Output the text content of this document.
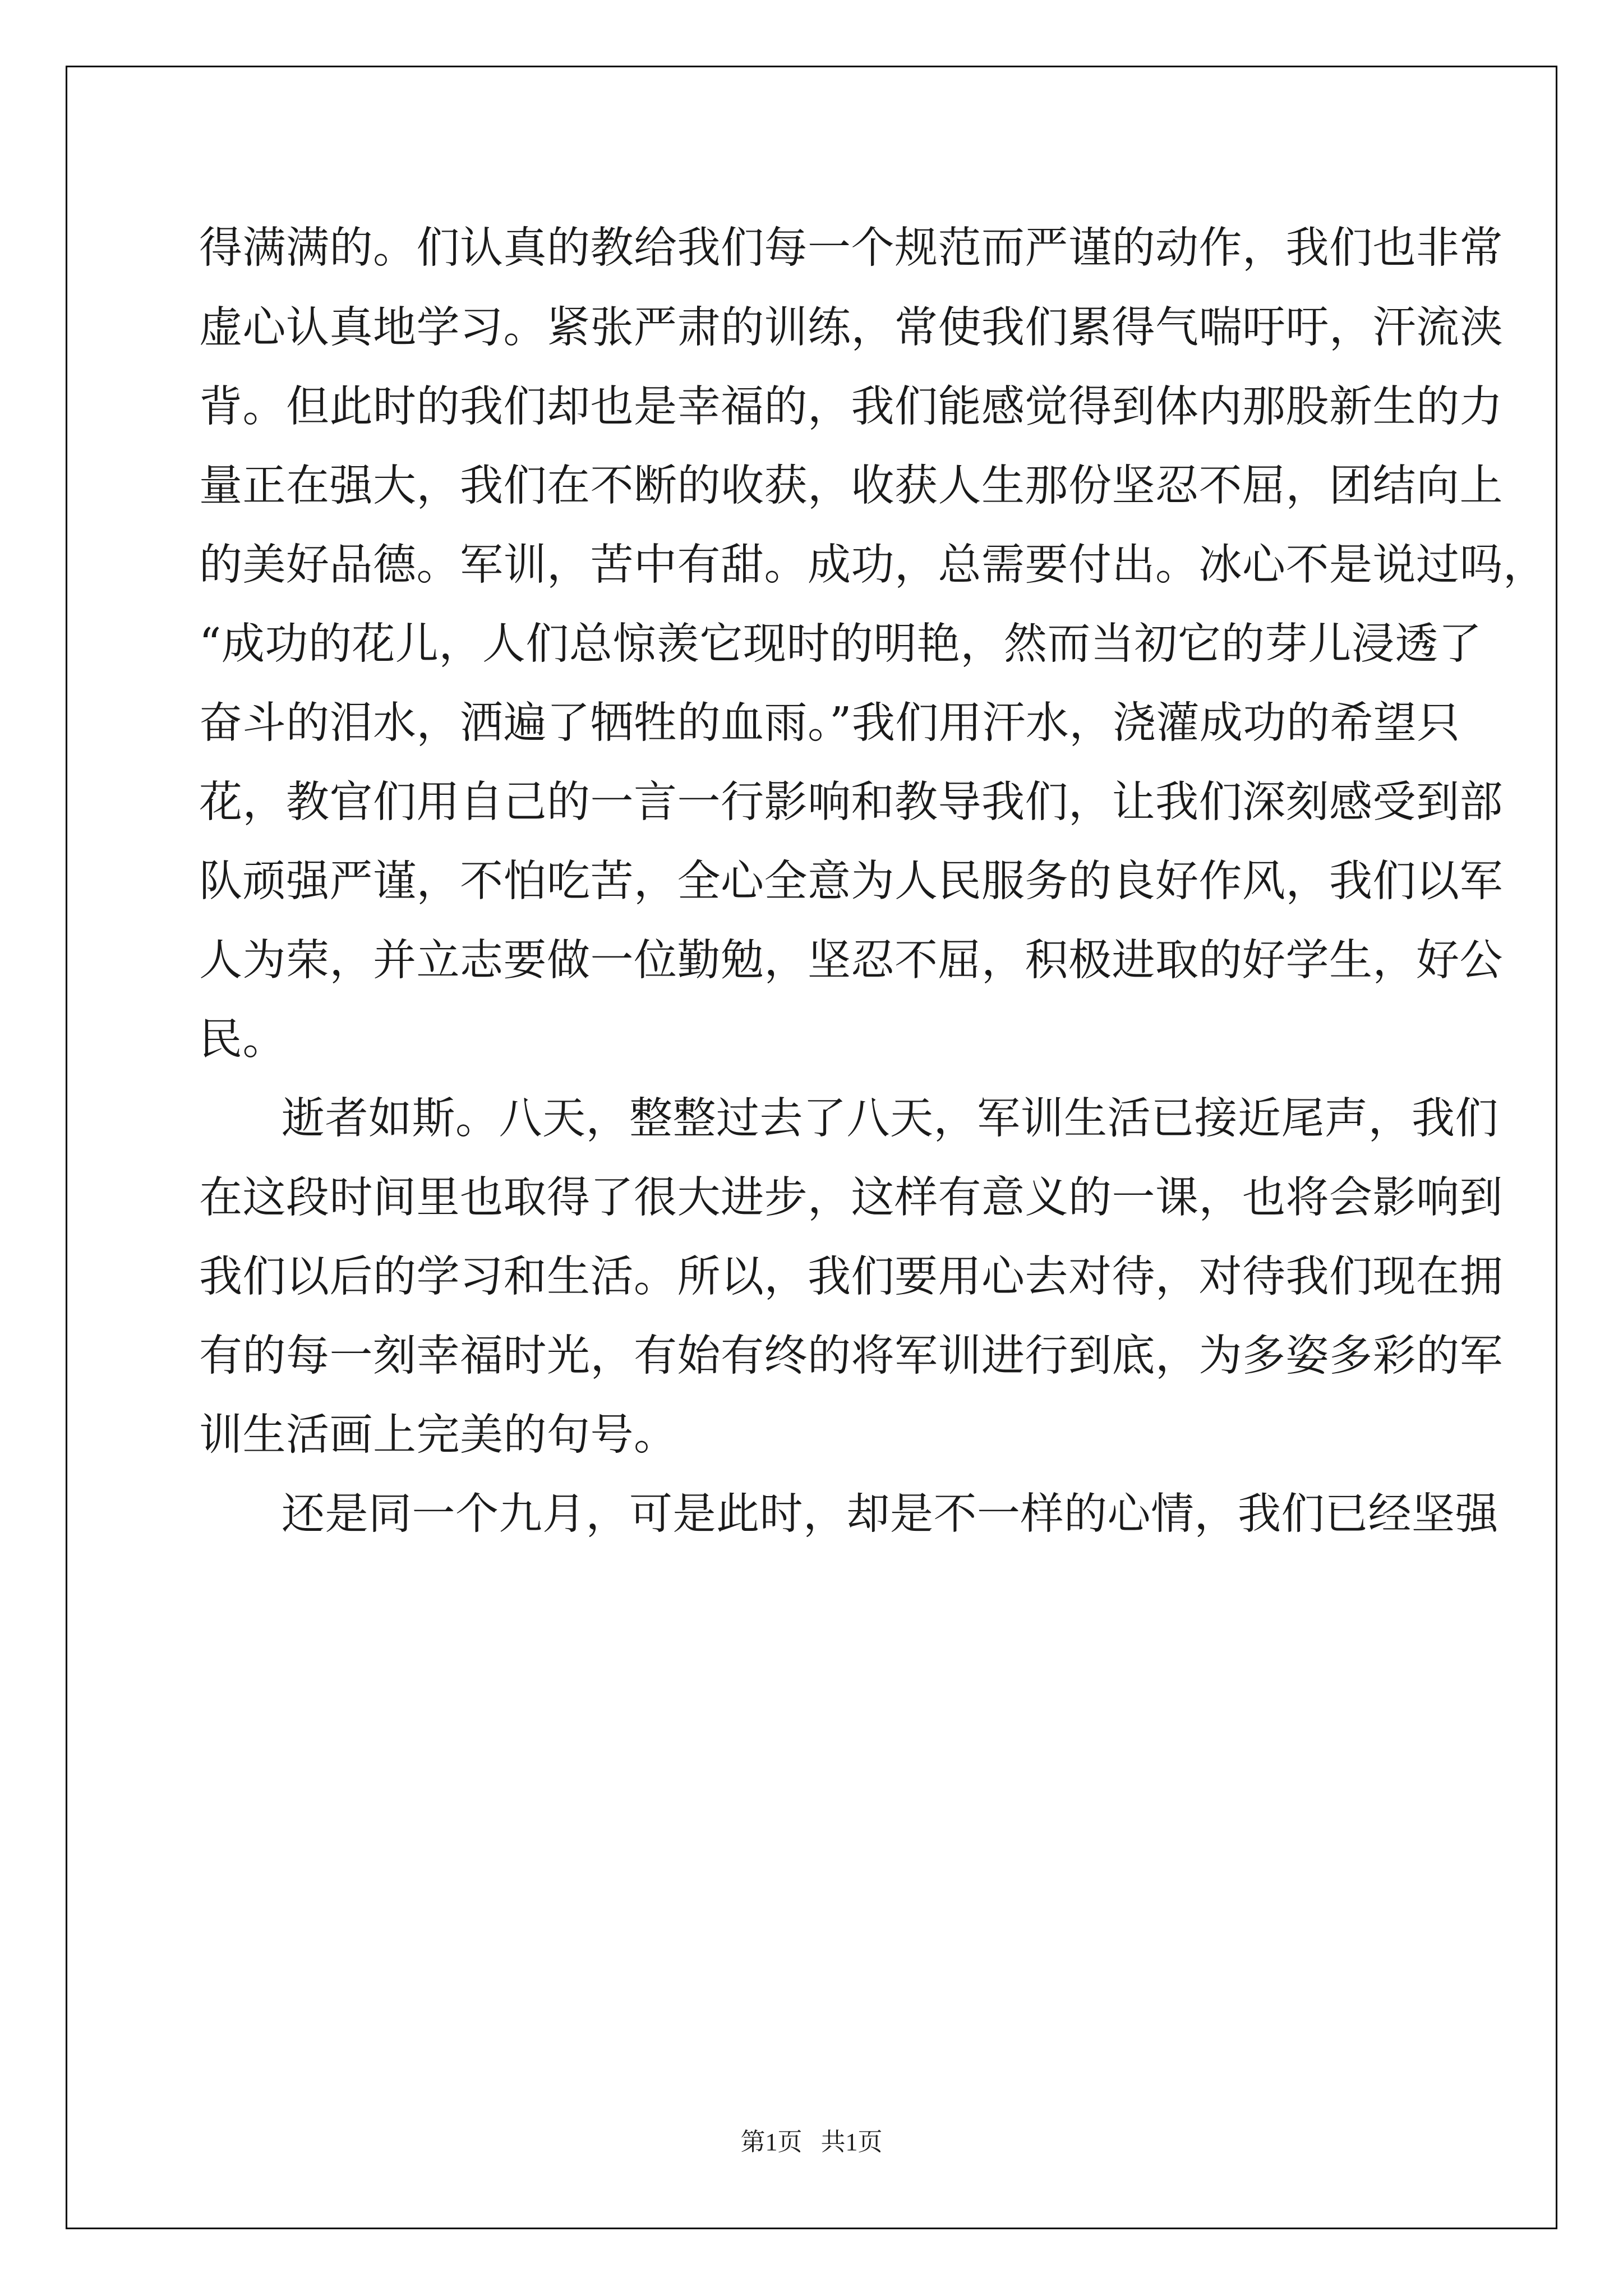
得满满的。们认真的教给我们每一个规范而严谨的动作，我们也非常

虚心认真地学习。紧张严肃的训练，常使我们累得气喘吁吁，汗流浃

背。但此时的我们却也是幸福的，我们能感觉得到体内那股新生的力

量正在强大，我们在不断的收获，收获人生那份坚忍不屈，团结向上

的美好品德。军训，苦中有甜。成功，总需要付出。冰心不是说过吗，

“成功的花儿，人们总惊羡它现时的明艳，然而当初它的芽儿浸透了

奋斗的泪水，洒遍了牺牲的血雨。”我们用汗水，浇灌成功的希望只

花，教官们用自己的一言一行影响和教导我们，让我们深刻感受到部

队顽强严谨，不怕吃苦，全心全意为人民服务的良好作风，我们以军

人为荣，并立志要做一位勤勉，坚忍不屈，积极进取的好学生，好公

民。

逝者如斯。八天，整整过去了八天，军训生活已接近尾声，我们

在这段时间里也取得了很大进步，这样有意义的一课，也将会影响到

我们以后的学习和生活。所以，我们要用心去对待，对待我们现在拥

有的每一刻幸福时光，有始有终的将军训进行到底，为多姿多彩的军

训生活画上完美的句号。

还是同一个九月，可是此时，却是不一样的心情，我们已经坚强

第1页   共1页
